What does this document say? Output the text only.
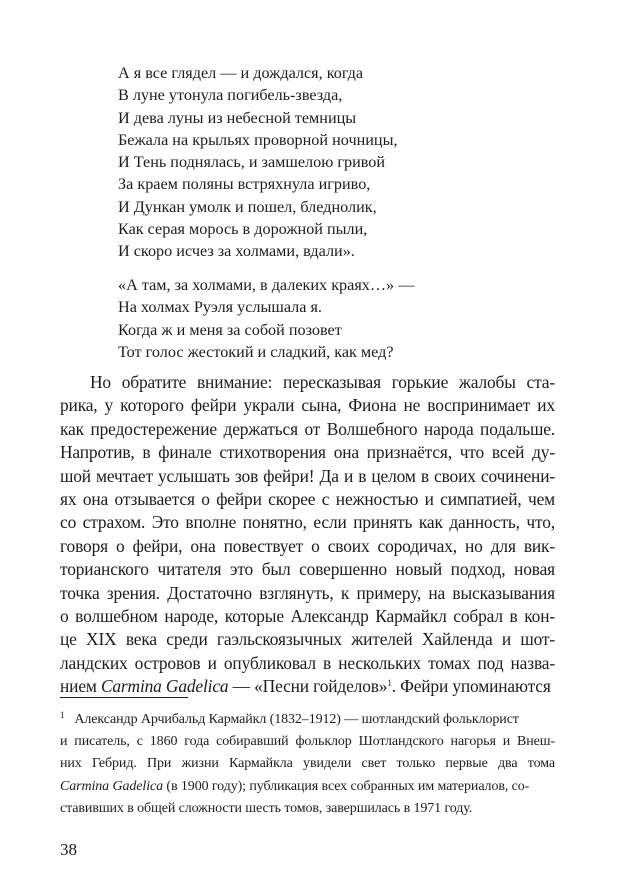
А я все глядел — и дождался, когда
В луне утонула погибель-звезда,
И дева луны из небесной темницы
Бежала на крыльях проворной ночницы,
И Тень поднялась, и замшелою гривой
За краем поляны встряхнула игриво,
И Дункан умолк и пошел, бледнолик,
Как серая морось в дорожной пыли,
И скоро исчез за холмами, вдали».
«А там, за холмами, в далеких краях…» —
На холмах Руэля услышала я.
Когда ж и меня за собой позовет
Тот голос жестокий и сладкий, как мед?
Но обратите внимание: пересказывая горькие жалобы ста-
рика, у которого фейри украли сына, Фиона не воспринимает их
как предостережение держаться от Волшебного народа подальше.
Напротив, в финале стихотворения она признаётся, что всей ду-
шой мечтает услышать зов фейри! Да и в целом в своих сочинени-
ях она отзывается о фейри скорее с нежностью и симпатией, чем
со страхом. Это вполне понятно, если принять как данность, что,
говоря о фейри, она повествует о своих сородичах, но для вик-
торианского читателя это был совершенно новый подход, новая
точка зрения. Достаточно взглянуть, к примеру, на высказывания
о волшебном народе, которые Александр Кармайкл собрал в кон-
це XIX века среди гаэльскоязычных жителей Хайленда и шот-
ландских островов и опубликовал в нескольких томах под назва-
нием Carmina Gadelica — «Песни гойделов»$^1$. Фейри упоминаются
$^1$ Александр Арчибальд Кармайкл (1832–1912) — шотландский фольклорист
и писатель, с 1860 года собиравший фольклор Шотландского нагорья и Внеш-
них Гебрид. При жизни Кармайкла увидели свет только первые два тома
Carmina Gadelica (в 1900 году); публикация всех собранных им материалов, со-
ставивших в общей сложности шесть томов, завершилась в 1971 году.
38
